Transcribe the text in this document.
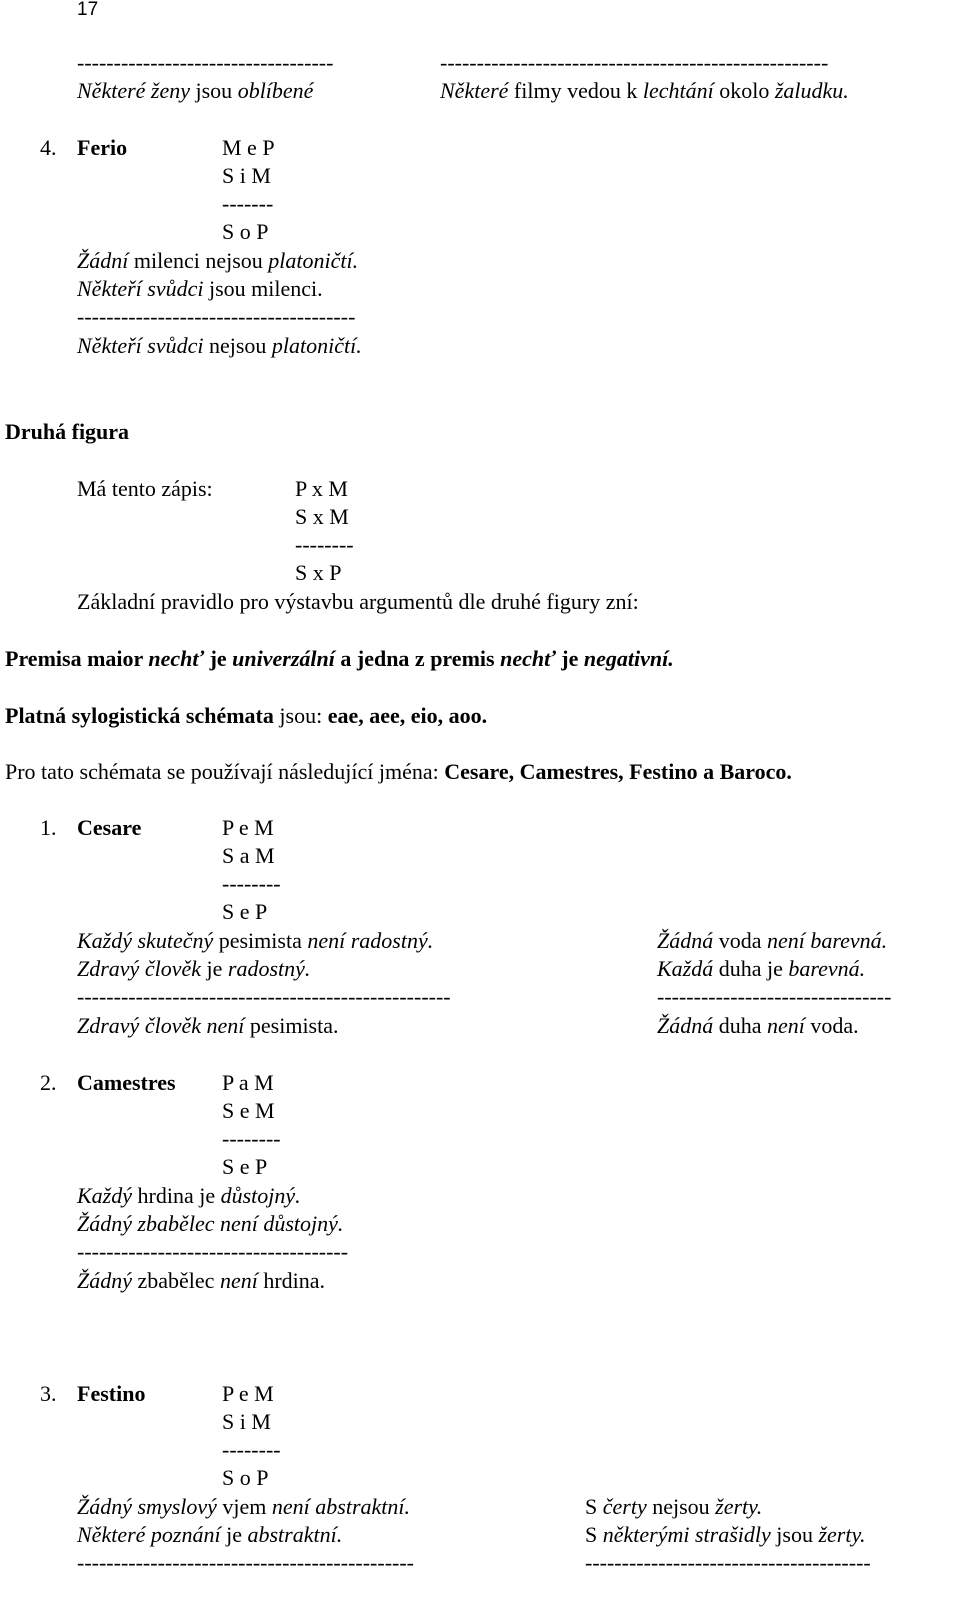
17
-----------------------------------	-----------------------------------------------------
Některé ženy jsou oblíbené	Některé filmy vedou k lechtání okolo žaludku.
4. Ferio	M e P
S i M
-------
S o P
Žádní milenci nejsou platoničtí.
Někteří svůdci jsou milenci.
--------------------------------------
Někteří svůdci nejsou platoničtí.
Druhá figura
Má tento zápis:	P x M
S x M
--------
S x P
Základní pravidlo pro výstavbu argumentů dle druhé figury zní:
Premisa maior nechť je univerzální a jedna z premis nechť je negativní.
Platná sylogistická schémata jsou: eae, aee, eio, aoo.
Pro tato schémata se používají následující jména: Cesare, Camestres, Festino a Baroco.
1. Cesare	P e M
S a M
--------
S e P
Každý skutečný pesimista není radostný.
Zdravý člověk je radostný.
---------------------------------------------------
Zdravý člověk není pesimista.
Žádná voda není barevná.
Každá duha je barevná.
--------------------------------
Žádná duha není voda.
2. Camestres P a M
S e M
--------
S e P
Každý hrdina je důstojný.
Žádný zbabělec není důstojný.
-------------------------------------
Žádný zbabělec není hrdina.
3. Festino	P e M
S i M
--------
S o P
Žádný smyslový vjem není abstraktní.
Některé poznání je abstraktní.
----------------------------------------------
S čerty nejsou žerty.
S některými strašidly jsou žerty.
---------------------------------------
